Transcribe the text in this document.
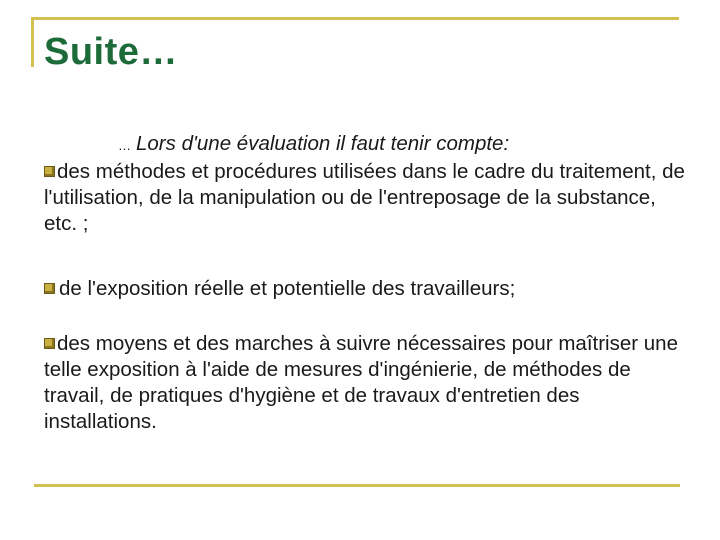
Suite…

… Lors d'une évaluation il faut tenir compte:

des méthodes et procédures utilisées dans le cadre du traitement, de l'utilisation, de la manipulation ou de l'entreposage de la substance, etc. ;

de l'exposition réelle et potentielle des travailleurs;

des moyens et des marches à suivre nécessaires pour maîtriser une telle exposition à l'aide de mesures d'ingénierie, de méthodes de travail, de pratiques d'hygiène et de travaux d'entretien des installations.
